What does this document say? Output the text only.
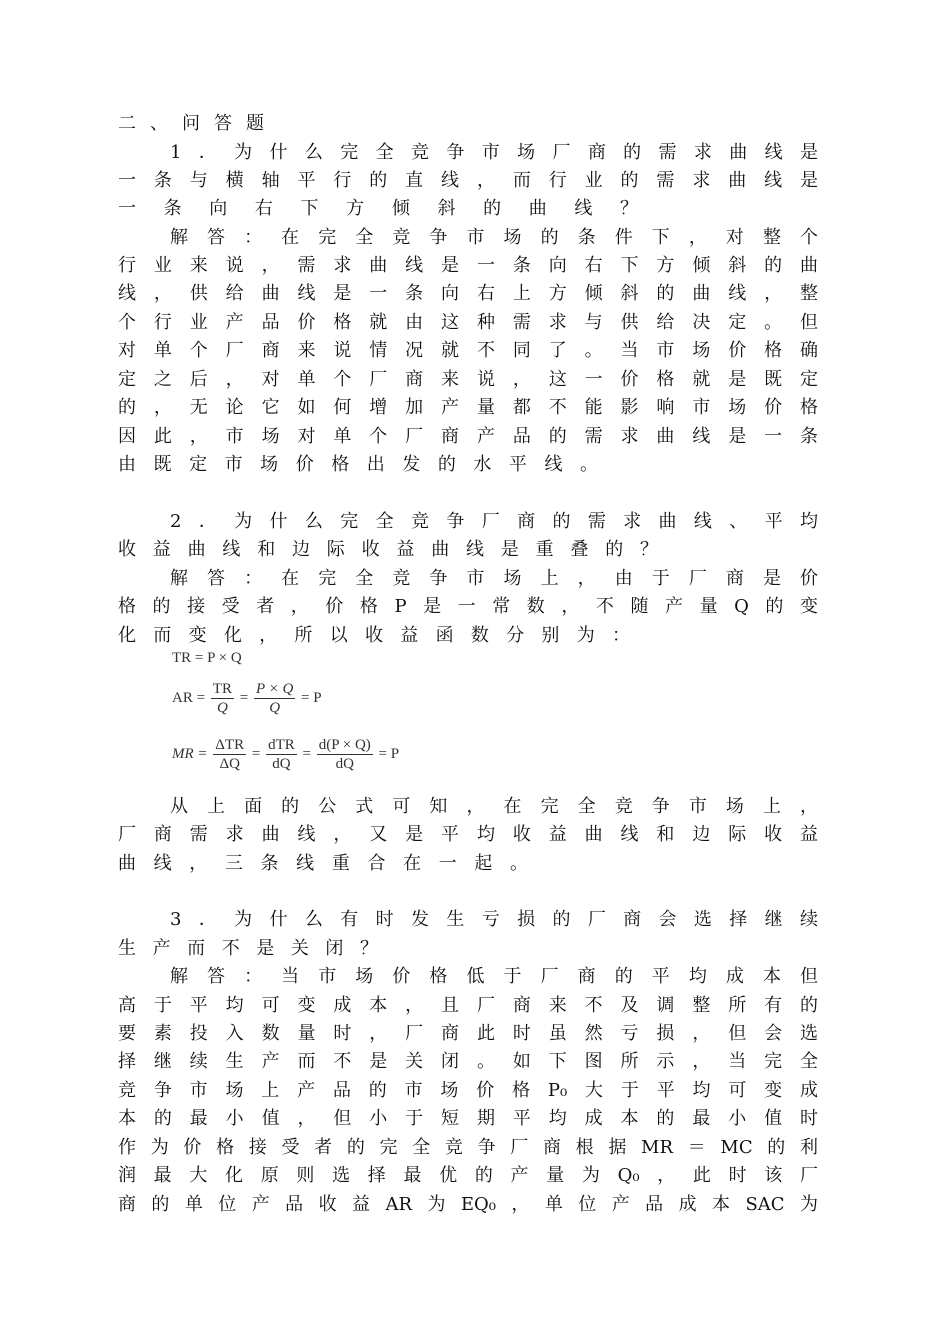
二、问答题
1．为什么完全竞争市场厂商的需求曲线是
一条与横轴平行的直线，而行业的需求曲线是
一条向右下方倾斜的曲线？
解答：在完全竞争市场的条件下，对整个
行业来说，需求曲线是一条向右下方倾斜的曲
线，供给曲线是一条向右上方倾斜的曲线，整
个行业产品价格就由这种需求与供给决定。但
对单个厂商来说情况就不同了。当市场价格确
定之后，对单个厂商来说，这一价格就是既定
的，无论它如何增加产量都不能影响市场价格
因此，市场对单个厂商产品的需求曲线是一条
由既定市场价格出发的水平线。
2．为什么完全竞争厂商的需求曲线、平均
收益曲线和边际收益曲线是重叠的？
解答：在完全竞争市场上，由于厂商是价
格的接受者，价格P是一常数，不随产量Q的变
化而变化，所以收益函数分别为：
TR = P × Q
AR = $\frac{TR}{Q} = \frac{P \times Q}{Q} = P$
MR = $\frac{\text{ΔTR}}{\Delta Q} = \frac{\text{dTR}}{dQ} = \frac{d(P \times Q)}{dQ} = P$
从上面的公式可知，在完全竞争市场上，
厂商需求曲线，又是平均收益曲线和边际收益
曲线，三条线重合在一起。
3．为什么有时发生亏损的厂商会选择继续
生产而不是关闭？
解答：当市场价格低于厂商的平均成本但
高于平均可变成本，且厂商来不及调整所有的
要素投入数量时，厂商此时虽然亏损，但会选
择继续生产而不是关闭。如下图所示，当完全
竞争市场上产品的市场价格P₀大于平均可变成
本的最小值，但小于短期平均成本的最小值时
作为价格接受者的完全竞争厂商根据MR＝MC的利
润最大化原则选择最优的产量为Q₀，此时该厂
商的单位产品收益AR为EQ₀，单位产品成本SAC为
